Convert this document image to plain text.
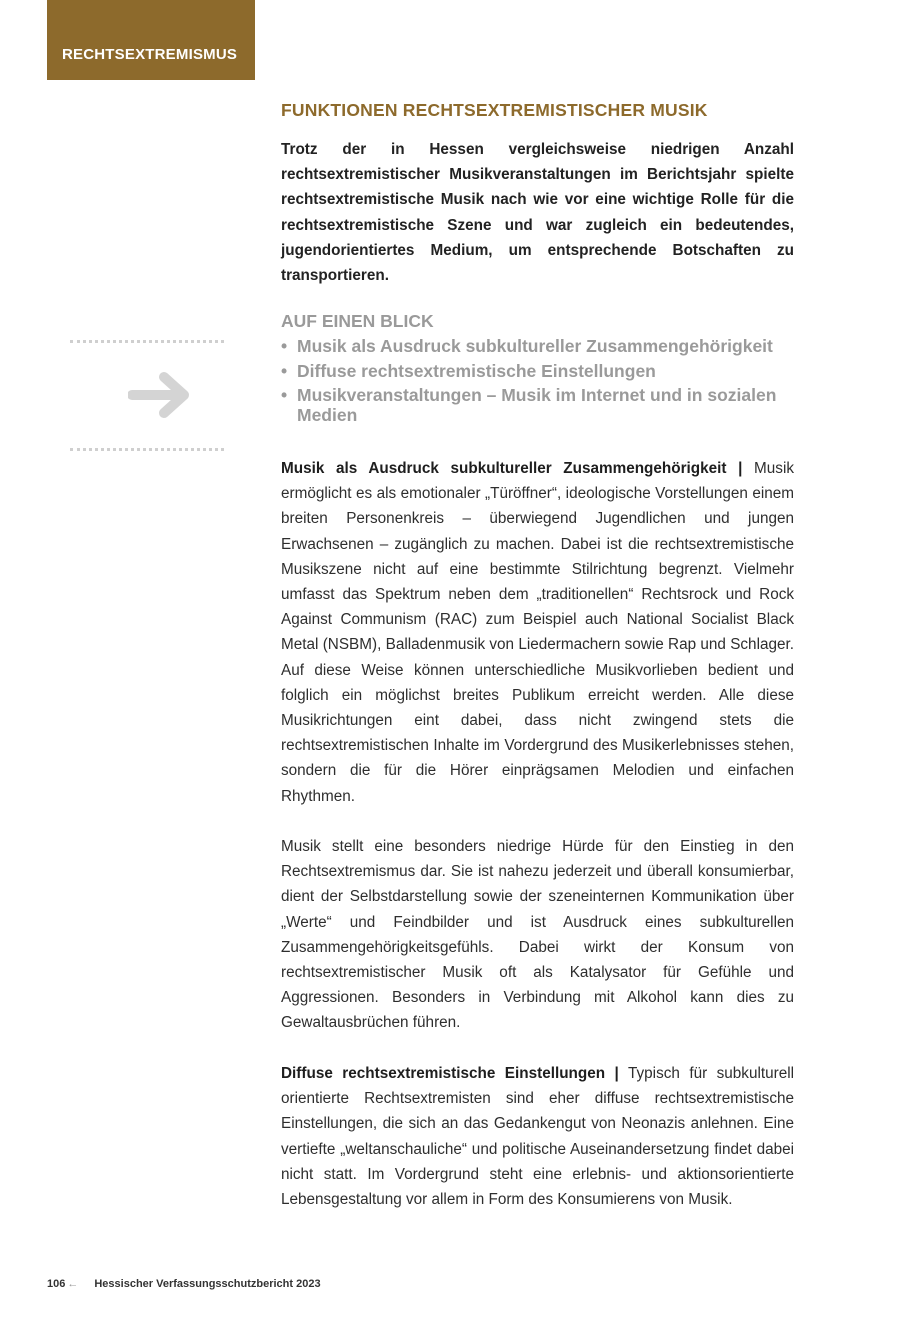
RECHTSEXTREMISMUS
FUNKTIONEN RECHTSEXTREMISTISCHER MUSIK
Trotz der in Hessen vergleichsweise niedrigen Anzahl rechtsextremistischer Musikveranstaltungen im Berichtsjahr spielte rechtsextremistische Musik nach wie vor eine wichtige Rolle für die rechtsextremistische Szene und war zugleich ein bedeutendes, jugendorientiertes Medium, um entsprechende Botschaften zu transportieren.
AUF EINEN BLICK
• Musik als Ausdruck subkultureller Zusammengehörigkeit
• Diffuse rechtsextremistische Einstellungen
• Musikveranstaltungen – Musik im Internet und in sozialen Medien
Musik als Ausdruck subkultureller Zusammengehörigkeit | Musik ermöglicht es als emotionaler „Türöffner“, ideologische Vorstellungen einem breiten Personenkreis – überwiegend Jugendlichen und jungen Erwachsenen – zugänglich zu machen. Dabei ist die rechtsextremistische Musikszene nicht auf eine bestimmte Stilrichtung begrenzt. Vielmehr umfasst das Spektrum neben dem „traditionellen“ Rechtsrock und Rock Against Communism (RAC) zum Beispiel auch National Socialist Black Metal (NSBM), Balladenmusik von Liedermachern sowie Rap und Schlager. Auf diese Weise können unterschiedliche Musikvorlieben bedient und folglich ein möglichst breites Publikum erreicht werden. Alle diese Musikrichtungen eint dabei, dass nicht zwingend stets die rechtsextremistischen Inhalte im Vordergrund des Musikerlebnisses stehen, sondern die für die Hörer einprägsamen Melodien und einfachen Rhythmen.
Musik stellt eine besonders niedrige Hürde für den Einstieg in den Rechtsextremismus dar. Sie ist nahezu jederzeit und überall konsumierbar, dient der Selbstdarstellung sowie der szeneinternen Kommunikation über „Werte“ und Feindbilder und ist Ausdruck eines subkulturellen Zusammengehörigkeitsgefühls. Dabei wirkt der Konsum von rechtsextremistischer Musik oft als Katalysator für Gefühle und Aggressionen. Besonders in Verbindung mit Alkohol kann dies zu Gewaltausbrüchen führen.
Diffuse rechtsextremistische Einstellungen | Typisch für subkulturell orientierte Rechtsextremisten sind eher diffuse rechtsextremistische Einstellungen, die sich an das Gedankengut von Neonazis anlehnen. Eine vertiefte „weltanschauliche“ und politische Auseinandersetzung findet dabei nicht statt. Im Vordergrund steht eine erlebnis- und aktionsorientierte Lebensgestaltung vor allem in Form des Konsumierens von Musik.
106 ← Hessischer Verfassungsschutzbericht 2023
